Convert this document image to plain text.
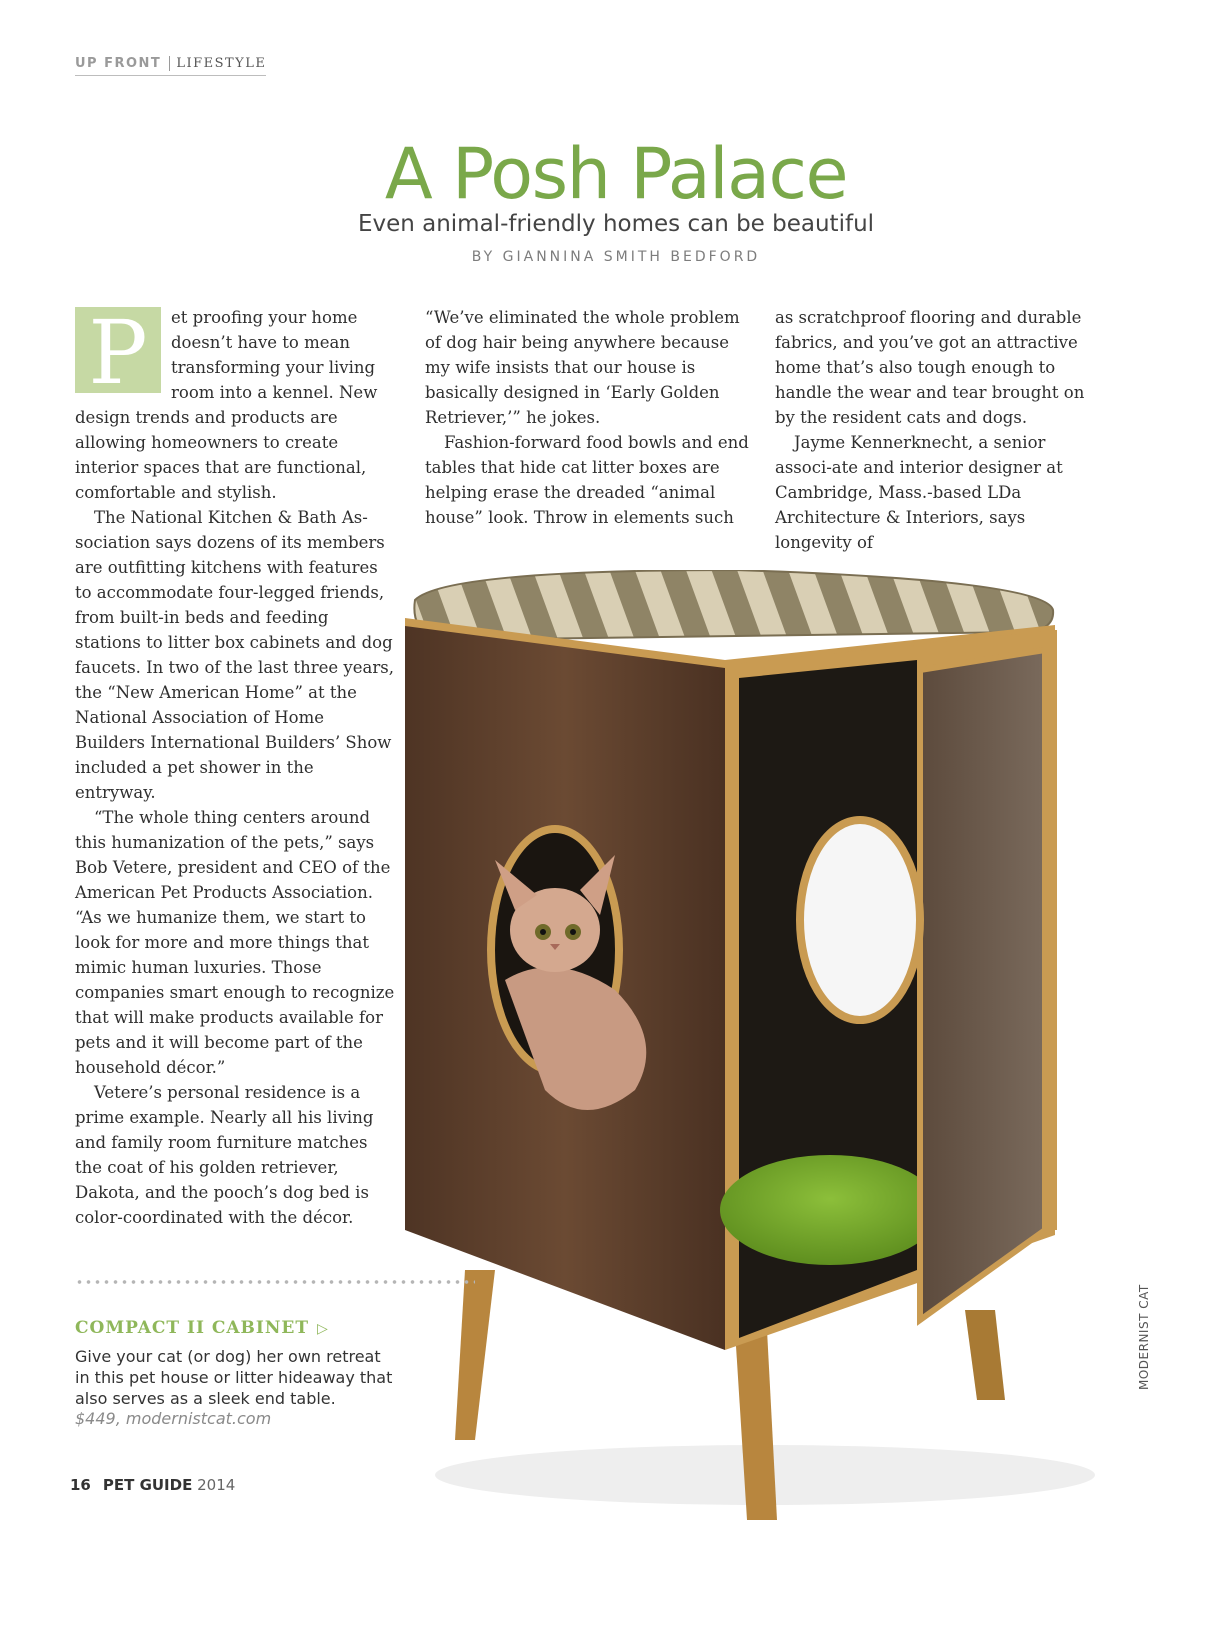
UP FRONT LIFESTYLE
A Posh Palace
Even animal-friendly homes can be beautiful
BY GIANNINA SMITH BEDFORD
P	et proofing your home doesn’t have to mean transforming your living room into a kennel. New design trends and products are allowing homeowners to create interior spaces that are functional, comfortable and stylish.

The National Kitchen & Bath As-sociation says dozens of its members are outfitting kitchens with features to accommodate four-legged friends, from built-in beds and feeding stations to litter box cabinets and dog faucets. In two of the last three years, the “New American Home” at the National Association of Home Builders International Builders’ Show included a pet shower in the entryway.

“The whole thing centers around this humanization of the pets,” says Bob Vetere, president and CEO of the American Pet Products Association. “As we humanize them, we start to look for more and more things that mimic human luxuries. Those companies smart enough to recognize that will make products available for pets and it will become part of the household décor.”

Vetere’s personal residence is a prime example. Nearly all his living and family room furniture matches the coat of his golden retriever, Dakota, and the pooch’s dog bed is color-coordinated with the décor.

“We’ve eliminated the whole problem of dog hair being anywhere because my wife insists that our house is basically designed in ‘Early Golden Retriever,’” he jokes.

Fashion-forward food bowls and end tables that hide cat litter boxes are helping erase the dreaded “animal house” look. Throw in elements such

as scratchproof flooring and durable fabrics, and you’ve got an attractive home that’s also tough enough to handle the wear and tear brought on by the resident cats and dogs.

Jayme Kennerknecht, a senior associ-ate and interior designer at Cambridge, Mass.-based LDa Architecture & Interiors, says longevity of

COMPACT II CABINET ▷
Give your cat (or dog) her own retreat in this pet house or litter hideaway that also serves as a sleek end table.
$449, modernistcat.com
MODERNIST CAT
16 PET GUIDE 2014
